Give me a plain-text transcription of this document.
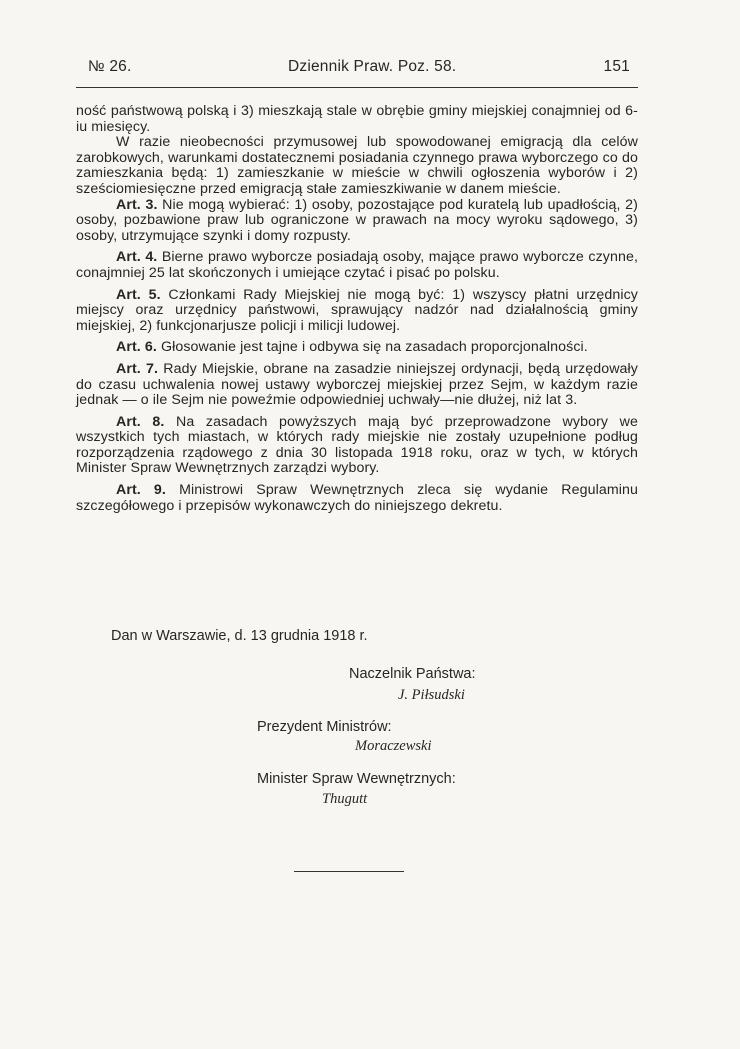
№ 26.	Dziennik Praw. Poz. 58.	151

ność państwową polską i 3) mieszkają stale w obrębie gminy miejskiej conajmniej od 6-iu miesięcy.

W razie nieobecności przymusowej lub spowodowanej emigracją dla celów zarobkowych, warunkami dostatecznemi posiadania czynnego prawa wyborczego co do zamieszkania będą: 1) zamieszkanie w mieście w chwili ogłoszenia wyborów i 2) sześciomiesięczne przed emigracją stałe zamieszkiwanie w danem mieście.

Art. 3. Nie mogą wybierać: 1) osoby, pozostające pod kuratelą lub upadłością, 2) osoby, pozbawione praw lub ograniczone w prawach na mocy wyroku sądowego, 3) osoby, utrzymujące szynki i domy rozpusty.

Art. 4. Bierne prawo wyborcze posiadają osoby, mające prawo wyborcze czynne, conajmniej 25 lat skończonych i umiejące czytać i pisać po polsku.

Art. 5. Członkami Rady Miejskiej nie mogą być: 1) wszyscy płatni urzędnicy miejscy oraz urzędnicy państwowi, sprawujący nadzór nad działalnością gminy miejskiej, 2) funkcjonarjusze policji i milicji ludowej.

Art. 6. Głosowanie jest tajne i odbywa się na zasadach proporcjonalności.

Art. 7. Rady Miejskie, obrane na zasadzie niniejszej ordynacji, będą urzędowały do czasu uchwalenia nowej ustawy wyborczej miejskiej przez Sejm, w każdym razie jednak — o ile Sejm nie poweźmie odpowiedniej uchwały—nie dłużej, niż lat 3.

Art. 8. Na zasadach powyższych mają być przeprowadzone wybory we wszystkich tych miastach, w których rady miejskie nie zostały uzupełnione podług rozporządzenia rządowego z dnia 30 listopada 1918 roku, oraz w tych, w których Minister Spraw Wewnętrznych zarządzi wybory.

Art. 9. Ministrowi Spraw Wewnętrznych zleca się wydanie Regulaminu szczegółowego i przepisów wykonawczych do niniejszego dekretu.

Dan w Warszawie, d. 13 grudnia 1918 r.
Naczelnik Państwa:
J. Piłsudski
Prezydent Ministrów:
Moraczewski
Minister Spraw Wewnętrznych:
Thugutt
